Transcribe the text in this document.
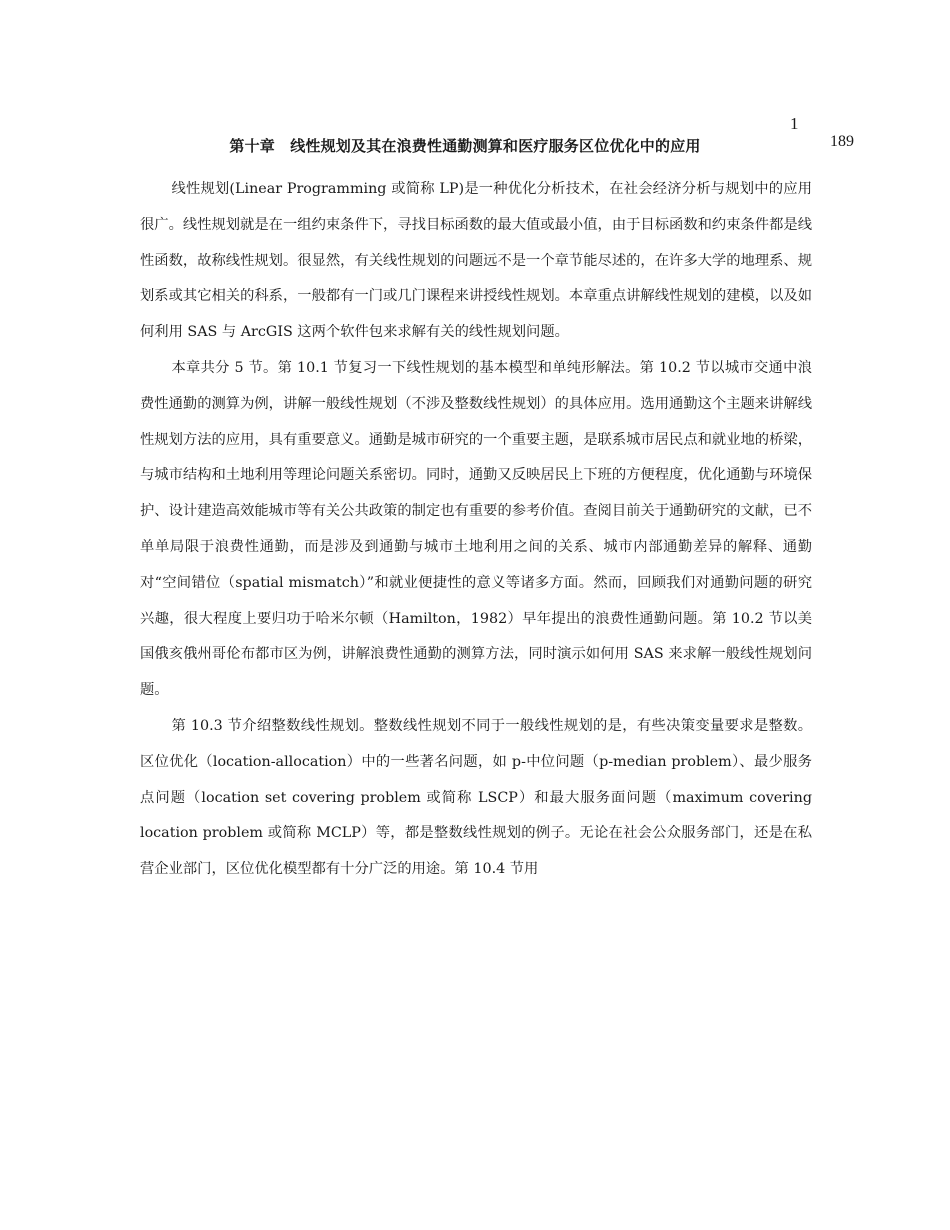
1
189
第十章　线性规划及其在浪费性通勤测算和医疗服务区位优化中的应用

线性规划(Linear Programming 或简称 LP)是一种优化分析技术，在社会经济分析与规划中的应用很广。线性规划就是在一组约束条件下，寻找目标函数的最大值或最小值，由于目标函数和约束条件都是线性函数，故称线性规划。很显然，有关线性规划的问题远不是一个章节能尽述的，在许多大学的地理系、规划系或其它相关的科系，一般都有一门或几门课程来讲授线性规划。本章重点讲解线性规划的建模，以及如何利用 SAS 与 ArcGIS 这两个软件包来求解有关的线性规划问题。

本章共分 5 节。第 10.1 节复习一下线性规划的基本模型和单纯形解法。第 10.2 节以城市交通中浪费性通勤的测算为例，讲解一般线性规划（不涉及整数线性规划）的具体应用。选用通勤这个主题来讲解线性规划方法的应用，具有重要意义。通勤是城市研究的一个重要主题，是联系城市居民点和就业地的桥梁，与城市结构和土地利用等理论问题关系密切。同时，通勤又反映居民上下班的方便程度，优化通勤与环境保护、设计建造高效能城市等有关公共政策的制定也有重要的参考价值。查阅目前关于通勤研究的文献，已不单单局限于浪费性通勤，而是涉及到通勤与城市土地利用之间的关系、城市内部通勤差异的解释、通勤对“空间错位（spatial mismatch）”和就业便捷性的意义等诸多方面。然而，回顾我们对通勤问题的研究兴趣，很大程度上要归功于哈米尔顿（Hamilton，1982）早年提出的浪费性通勤问题。第 10.2 节以美国俄亥俄州哥伦布都市区为例，讲解浪费性通勤的测算方法，同时演示如何用 SAS 来求解一般线性规划问题。

第 10.3 节介绍整数线性规划。整数线性规划不同于一般线性规划的是，有些决策变量要求是整数。区位优化（location-allocation）中的一些著名问题，如 p-中位问题（p-median problem）、最少服务点问题（location set covering problem 或简称 LSCP）和最大服务面问题（maximum covering location problem 或简称 MCLP）等，都是整数线性规划的例子。无论在社会公众服务部门，还是在私营企业部门，区位优化模型都有十分广泛的用途。第 10.4 节用
